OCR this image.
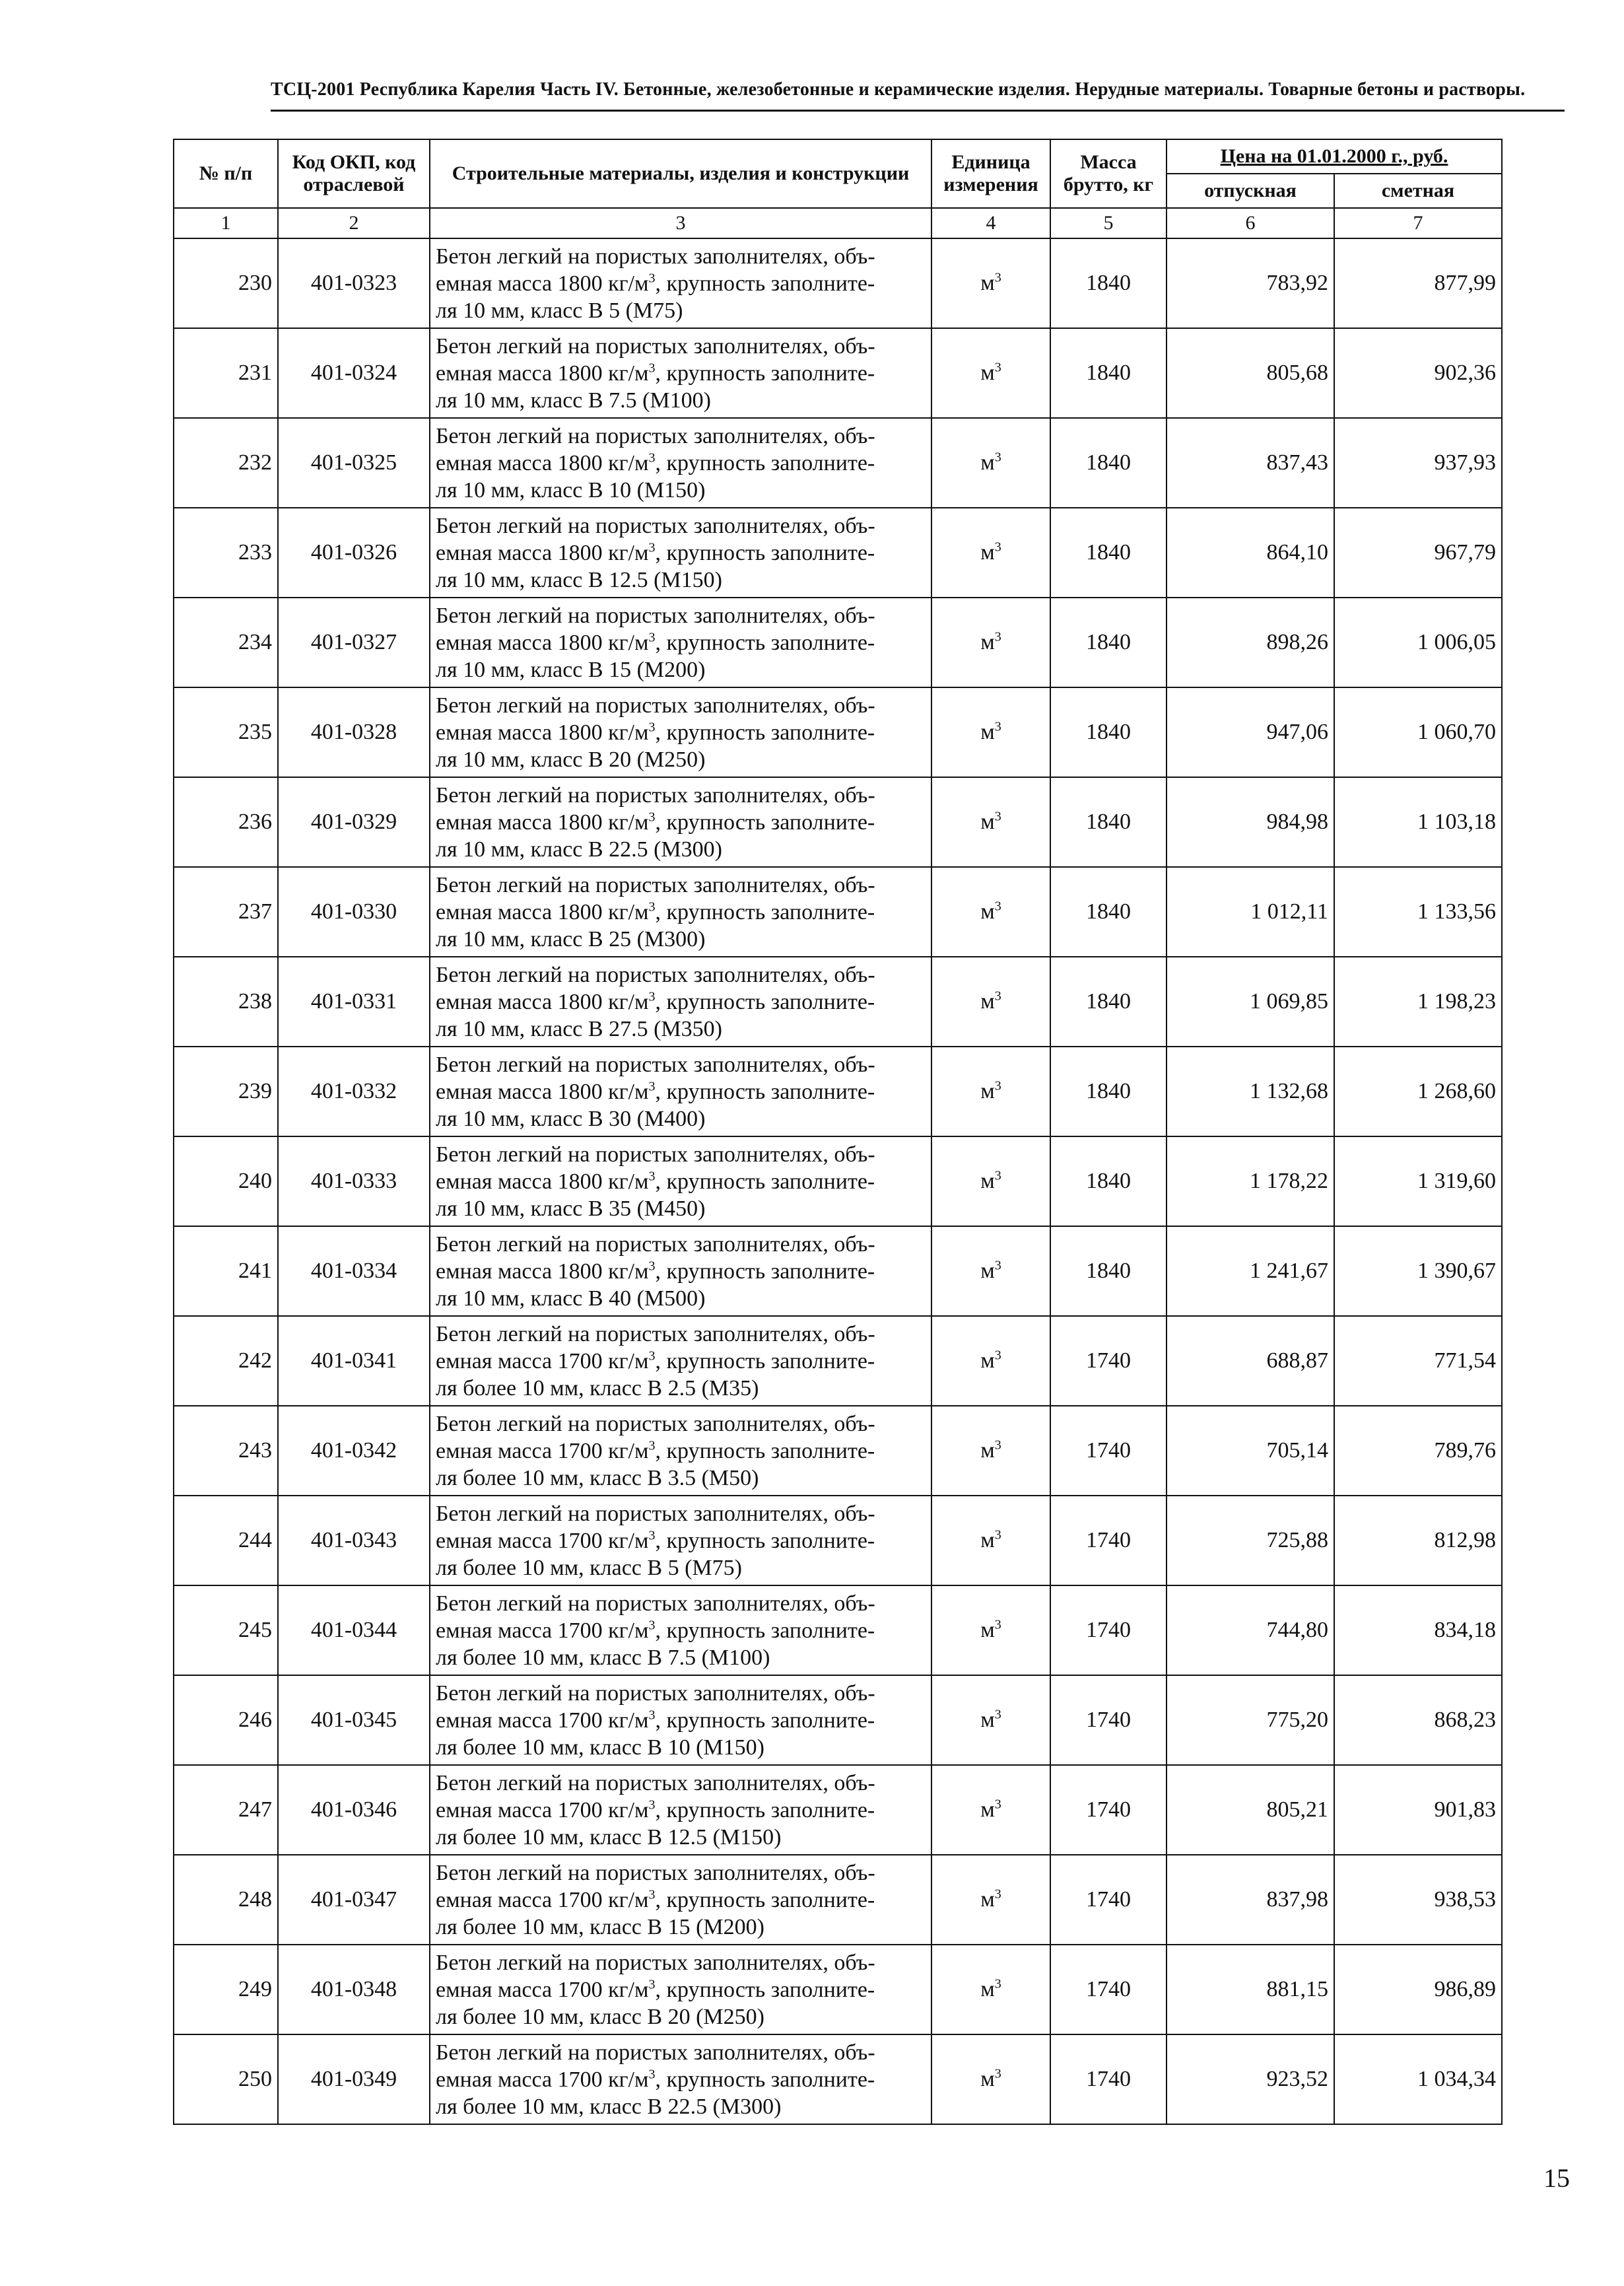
ТСЦ-2001 Республика Карелия Часть IV. Бетонные, железобетонные и керамические изделия. Нерудные материалы. Товарные бетоны и растворы.
№ п/п	Код ОКП, код отраслевой	Строительные материалы, изделия и конструкции	Единица измерения	Масса брутто, кг	Цена на 01.01.2000 г., руб.	
					отпускная	сметная
1	2	3	4	5	6	7
230	401-0323	Бетон легкий на пористых заполнителях, объ-
емная масса 1800 $кг/м^3$, крупность заполните-
ля 10 мм, класс В 5 (М75)	$м^3$	1840	783,92	877,99
231	401-0324	Бетон легкий на пористых заполнителях, объ-
емная масса 1800 $кг/м^3$, крупность заполните-
ля 10 мм, класс В 7.5 (М100)	$м^3$	1840	805,68	902,36
232	401-0325	Бетон легкий на пористых заполнителях, объ-
емная масса 1800 $кг/м^3$, крупность заполните-
ля 10 мм, класс В 10 (М150)	$м^3$	1840	837,43	937,93
233	401-0326	Бетон легкий на пористых заполнителях, объ-
емная масса 1800 $кг/м^3$, крупность заполните-
ля 10 мм, класс В 12.5 (М150)	$м^3$	1840	864,10	967,79
234	401-0327	Бетон легкий на пористых заполнителях, объ-
емная масса 1800 $кг/м^3$, крупность заполните-
ля 10 мм, класс В 15 (М200)	$м^3$	1840	898,26	1 006,05
235	401-0328	Бетон легкий на пористых заполнителях, объ-
емная масса 1800 $кг/м^3$, крупность заполните-
ля 10 мм, класс В 20 (М250)	$м^3$	1840	947,06	1 060,70
236	401-0329	Бетон легкий на пористых заполнителях, объ-
емная масса 1800 $кг/м^3$, крупность заполните-
ля 10 мм, класс В 22.5 (М300)	$м^3$	1840	984,98	1 103,18
237	401-0330	Бетон легкий на пористых заполнителях, объ-
емная масса 1800 $кг/м^3$, крупность заполните-
ля 10 мм, класс В 25 (М300)	$м^3$	1840	1 012,11	1 133,56
238	401-0331	Бетон легкий на пористых заполнителях, объ-
емная масса 1800 $кг/м^3$, крупность заполните-
ля 10 мм, класс В 27.5 (М350)	$м^3$	1840	1 069,85	1 198,23
239	401-0332	Бетон легкий на пористых заполнителях, объ-
емная масса 1800 $кг/м^3$, крупность заполните-
ля 10 мм, класс В 30 (М400)	$м^3$	1840	1 132,68	1 268,60
240	401-0333	Бетон легкий на пористых заполнителях, объ-
емная масса 1800 $кг/м^3$, крупность заполните-
ля 10 мм, класс В 35 (М450)	$м^3$	1840	1 178,22	1 319,60
241	401-0334	Бетон легкий на пористых заполнителях, объ-
емная масса 1800 $кг/м^3$, крупность заполните-
ля 10 мм, класс В 40 (М500)	$м^3$	1840	1 241,67	1 390,67
242	401-0341	Бетон легкий на пористых заполнителях, объ-
емная масса 1700 $кг/м^3$, крупность заполните-
ля более 10 мм, класс В 2.5 (М35)	$м^3$	1740	688,87	771,54
243	401-0342	Бетон легкий на пористых заполнителях, объ-
емная масса 1700 $кг/м^3$, крупность заполните-
ля более 10 мм, класс В 3.5 (М50)	$м^3$	1740	705,14	789,76
244	401-0343	Бетон легкий на пористых заполнителях, объ-
емная масса 1700 $кг/м^3$, крупность заполните-
ля более 10 мм, класс В 5 (М75)	$м^3$	1740	725,88	812,98
245	401-0344	Бетон легкий на пористых заполнителях, объ-
емная масса 1700 $кг/м^3$, крупность заполните-
ля более 10 мм, класс В 7.5 (М100)	$м^3$	1740	744,80	834,18
246	401-0345	Бетон легкий на пористых заполнителях, объ-
емная масса 1700 $кг/м^3$, крупность заполните-
ля более 10 мм, класс В 10 (М150)	$м^3$	1740	775,20	868,23
247	401-0346	Бетон легкий на пористых заполнителях, объ-
емная масса 1700 $кг/м^3$, крупность заполните-
ля более 10 мм, класс В 12.5 (М150)	$м^3$	1740	805,21	901,83
248	401-0347	Бетон легкий на пористых заполнителях, объ-
емная масса 1700 $кг/м^3$, крупность заполните-
ля более 10 мм, класс В 15 (М200)	$м^3$	1740	837,98	938,53
249	401-0348	Бетон легкий на пористых заполнителях, объ-
емная масса 1700 $кг/м^3$, крупность заполните-
ля более 10 мм, класс В 20 (М250)	$м^3$	1740	881,15	986,89
250	401-0349	Бетон легкий на пористых заполнителях, объ-
емная масса 1700 $кг/м^3$, крупность заполните-
ля более 10 мм, класс В 22.5 (М300)	$м^3$	1740	923,52	1 034,34
15
